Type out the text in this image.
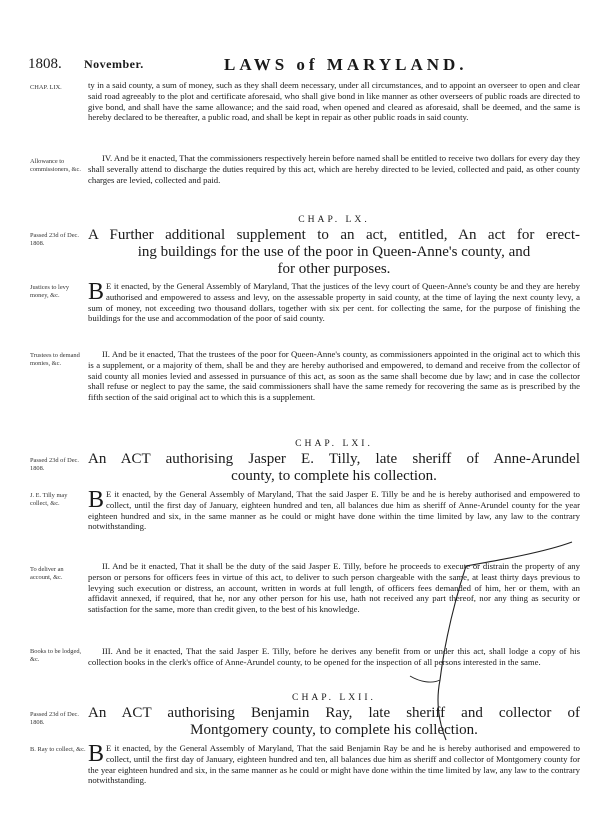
1808. November.	LAWS of MARYLAND.
CHAP. LIX.	ty in a said county, a sum of money, such as they shall deem necessary, under all circumstances, and to appoint an overseer to open and clear said road agreeably to the plot and certificate aforesaid, who shall give bond in like manner as other overseers of public roads are directed to give bond, and shall have the same allowance; and the said road, when opened and cleared as aforesaid, shall be deemed, and the same is hereby declared to be thereafter, a public road, and shall be kept in repair as other public roads in said county.
Allowance to commissioners, &c.
IV. And be it enacted, That the commissioners respectively herein before named shall be entitled to receive two dollars for every day they shall severally attend to discharge the duties required by this act, which are hereby directed to be levied, collected and paid, as other county charges are levied, collected and paid.
CHAP. LX.
Passed 23d of Dec. 1808.	A Further additional supplement to an act, entitled, An act for erect-
ing buildings for the use of the poor in Queen-Anne's county, and
for other purposes.
Justices to levy money, &c.	B E it enacted, by the General Assembly of Maryland, That the justices of the levy court of Queen-Anne's county be and they are hereby authorised and empowered to assess and levy, on the assessable property in said county, at the time of laying the next county levy, a sum of money, not exceeding two thousand dollars, together with six per cent. for collecting the same, for the purpose of finishing the buildings for the use and accommodation of the poor of said county.
Trustees to demand monies, &c.
II. And be it enacted, That the trustees of the poor for Queen-Anne's county, as commissioners appointed in the original act to which this is a supplement, or a majority of them, shall be and they are hereby authorised and empowered, to demand and receive from the collector of said county all monies levied and assessed in pursuance of this act, as soon as the same shall become due by law; and in case the collector shall refuse or neglect to pay the same, the said commissioners shall have the same remedy for recovering the same as is prescribed by the fifth section of the said original act to which this is a supplement.
CHAP. LXI.
Passed 23d of Dec. 1808.
An ACT authorising Jasper E. Tilly, late sheriff of Anne-Arundel
county, to complete his collection.
J. E. Tilly may collect, &c.	B E it enacted, by the General Assembly of Maryland, That the said Jasper E. Tilly be and he is hereby authorised and empowered to collect, until the first day of January, eighteen hundred and ten, all balances due him as sheriff of Anne-Arundel county for the year eighteen hundred and six, in the same manner as he could or might have done within the time limited by law, any law to the contrary notwithstanding.
To deliver an account, &c.
II. And be it enacted, That it shall be the duty of the said Jasper E. Tilly, before he proceeds to execute or distrain the property of any person or persons for officers fees in virtue of this act, to deliver to such person chargeable with the same, at least thirty days previous to levying such execution or distress, an account, written in words at full length, of officers fees demanded of him, her or them, with an affidavit annexed, if required, that he, nor any other person for his use, hath not received any part thereof, nor any thing as security or satisfaction for the same, more than credit given, to the best of his knowledge.
Books to be lodged, &c.
III. And be it enacted, That the said Jasper E. Tilly, before he derives any benefit from or under this act, shall lodge a copy of his collection books in the clerk's office of Anne-Arundel county, to be opened for the inspection of all persons interested in the same.
CHAP. LXII.
Passed 23d of Dec. 1808.
An ACT authorising Benjamin Ray, late sheriff and collector of
Montgomery county, to complete his collection.
B. Ray to collect, &c. B E it enacted, by the General Assembly of Maryland, That the said Benjamin Ray be and he is hereby authorised and empowered to collect, until the first day of January, eighteen hundred and ten, all balances due him as sheriff and collector of Montgomery county for the year eighteen hundred and six, in the same manner as he could or might have done within the time limited by law, any law to the contrary notwithstanding.
